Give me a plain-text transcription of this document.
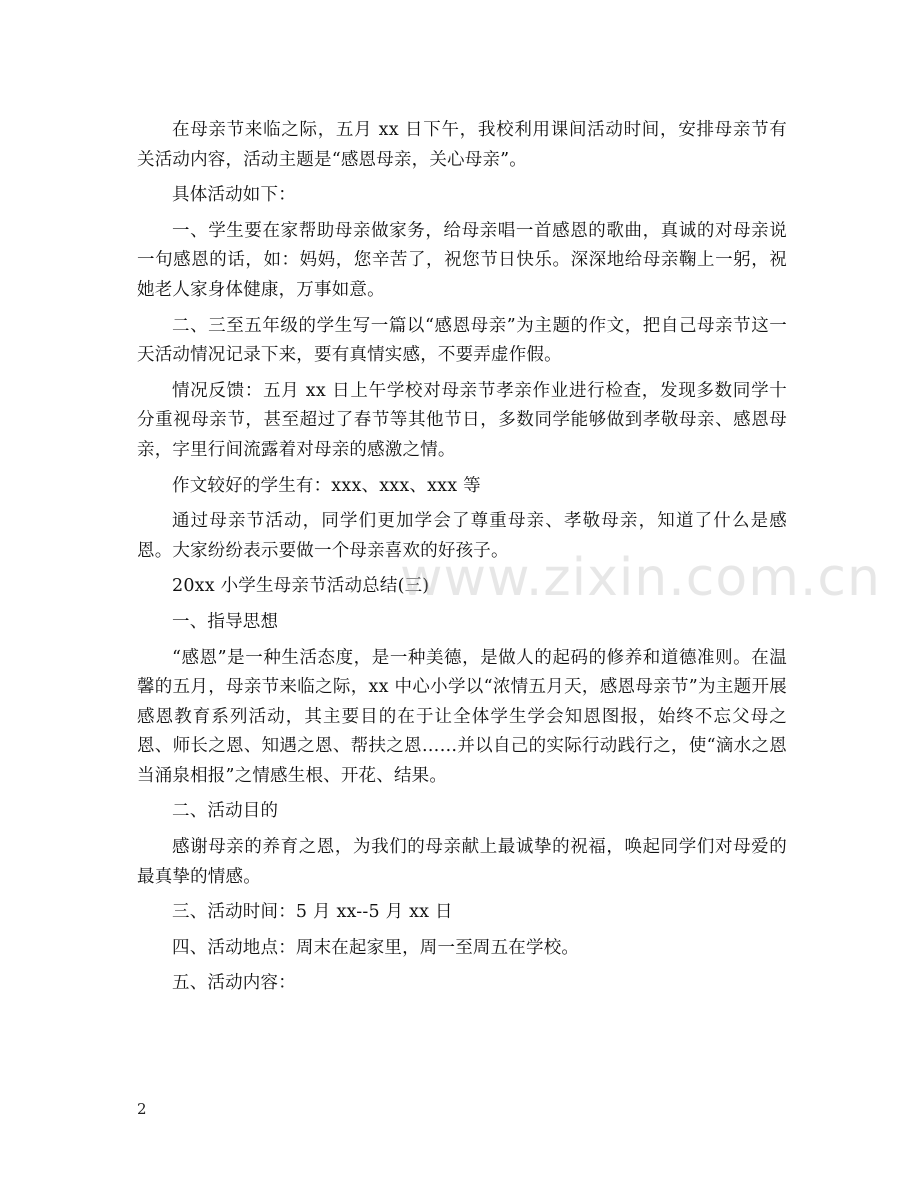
在母亲节来临之际，五月 xx 日下午，我校利用课间活动时间，安排母亲节有关活动内容，活动主题是“感恩母亲，关心母亲”。

具体活动如下：

一、学生要在家帮助母亲做家务，给母亲唱一首感恩的歌曲，真诚的对母亲说一句感恩的话，如：妈妈，您辛苦了，祝您节日快乐。深深地给母亲鞠上一躬，祝她老人家身体健康，万事如意。

二、三至五年级的学生写一篇以“感恩母亲”为主题的作文，把自己母亲节这一天活动情况记录下来，要有真情实感，不要弄虚作假。

情况反馈：五月 xx 日上午学校对母亲节孝亲作业进行检查，发现多数同学十分重视母亲节，甚至超过了春节等其他节日，多数同学能够做到孝敬母亲、感恩母亲，字里行间流露着对母亲的感激之情。

作文较好的学生有：xxx、xxx、xxx 等

通过母亲节活动，同学们更加学会了尊重母亲、孝敬母亲，知道了什么是感恩。大家纷纷表示要做一个母亲喜欢的好孩子。

20xx 小学生母亲节活动总结(三)

一、指导思想

“感恩”是一种生活态度，是一种美德，是做人的起码的修养和道德准则。在温馨的五月，母亲节来临之际，xx 中心小学以“浓情五月天，感恩母亲节”为主题开展感恩教育系列活动，其主要目的在于让全体学生学会知恩图报，始终不忘父母之恩、师长之恩、知遇之恩、帮扶之恩……并以自己的实际行动践行之，使“滴水之恩当涌泉相报”之情感生根、开花、结果。

二、活动目的

感谢母亲的养育之恩，为我们的母亲献上最诚挚的祝福，唤起同学们对母爱的最真挚的情感。

三、活动时间：5 月 xx--5 月 xx 日

四、活动地点：周末在起家里，周一至周五在学校。

五、活动内容：

www.zixin.com.cn
2
